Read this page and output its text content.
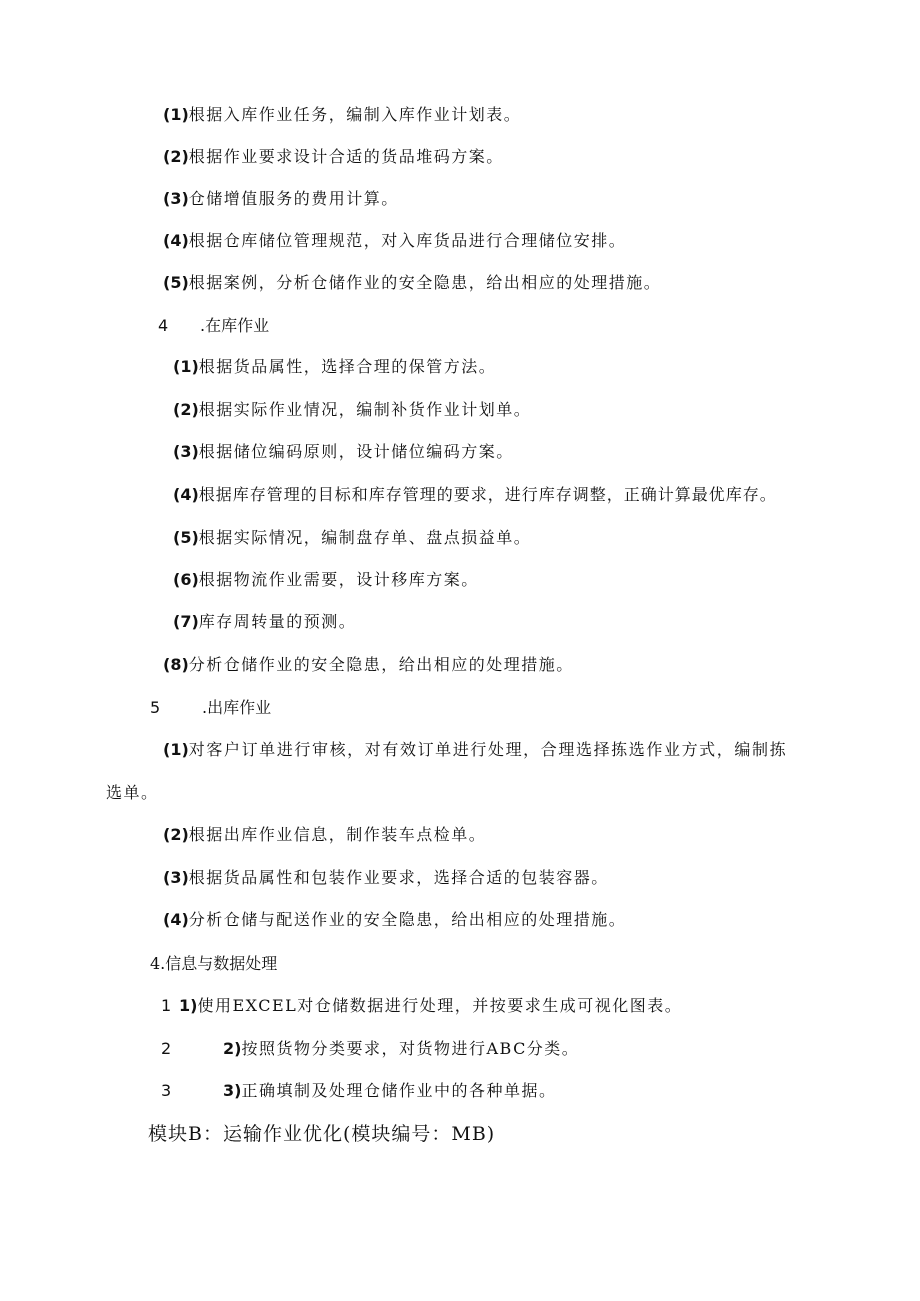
(1)根据入库作业任务，编制入库作业计划表。
(2)根据作业要求设计合适的货品堆码方案。
(3)仓储增值服务的费用计算。
(4)根据仓库储位管理规范，对入库货品进行合理储位安排。
(5)根据案例，分析仓储作业的安全隐患，给出相应的处理措施。
4 .在库作业
(1)根据货品属性，选择合理的保管方法。
(2)根据实际作业情况，编制补货作业计划单。
(3)根据储位编码原则，设计储位编码方案。
(4)根据库存管理的目标和库存管理的要求，进行库存调整，正确计算最优库存。
(5)根据实际情况，编制盘存单、盘点损益单。
(6)根据物流作业需要，设计移库方案。
(7)库存周转量的预测。
(8)分析仓储作业的安全隐患，给出相应的处理措施。
5	.出库作业
(1)对客户订单进行审核，对有效订单进行处理，合理选择拣选作业方式，编制拣
选单。
(2)根据出库作业信息，制作装车点检单。
(3)根据货品属性和包装作业要求，选择合适的包装容器。
(4)分析仓储与配送作业的安全隐患，给出相应的处理措施。
4.信息与数据处理
1 1)使用EXCEL对仓储数据进行处理，并按要求生成可视化图表。
2	2)按照货物分类要求，对货物进行ABC分类。
3	3)正确填制及处理仓储作业中的各种单据。
模块B：运输作业优化(模块编号：MB)
